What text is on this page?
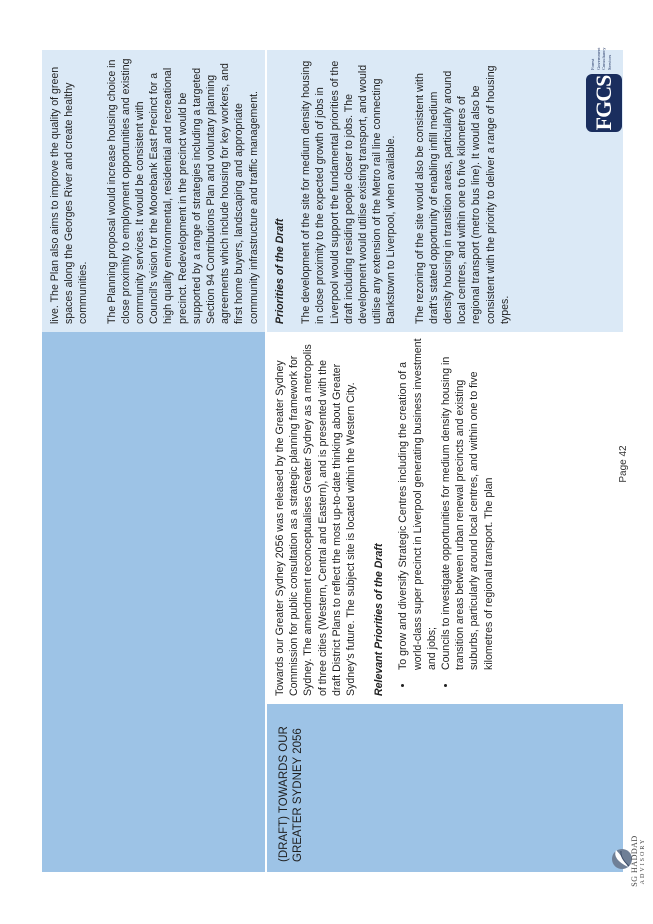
live. The Plan also aims to improve the quality of green spaces along the Georges River and create healthy communities. The Planning proposal would increase housing choice in close proximity to employment opportunities and existing community services. It would be consistent with Council's vision for the Moorebank East Precinct for a high quality environmental, residential and recreational precinct. Redevelopment in the precinct would be supported by a range of strategies including a targeted Section 94 Contributions Plan and voluntary planning agreements which include housing for key workers, and first home buyers, landscaping and appropriate community infrastructure and traffic management.

(DRAFT) TOWARDS OUR GREATER SYDNEY 2056

Towards our Greater Sydney 2056 was released by the Greater Sydney Commission for public consultation as a strategic planning framework for Sydney. The amendment reconceptualises Greater Sydney as a metropolis of three cities (Western, Central and Eastern), and is presented with the draft District Plans to reflect the most up-to-date thinking about Greater Sydney's future. The subject site is located within the Western City. Relevant Priorities of the Draft • To grow and diversify Strategic Centres including the creation of a world-class super precinct in Liverpool generating business investment and jobs; • Councils to investigate opportunities for medium density housing in transition areas between urban renewal precincts and existing suburbs, particularly around local centres, and within one to five kilometres of regional transport. The plan

Priorities of the Draft The development of the site for medium density housing in close proximity to the expected growth of jobs in Liverpool would support the fundamental priorities of the draft including residing people closer to jobs. The development would utilise existing transport, and would utilise any extension of the Metro rail line connecting Bankstown to Liverpool, when available. The rezoning of the site would also be consistent with draft's stated opportunity of enabling infill medium density housing in transition areas, particularly around local centres, and within one to five kilometres of regional transport (metro bus line). It would also be consistent with the priority to deliver a range of housing types.

SG HADDAD ADVISORY
Page 42
FGCS
Forest Government Consultancy Services
